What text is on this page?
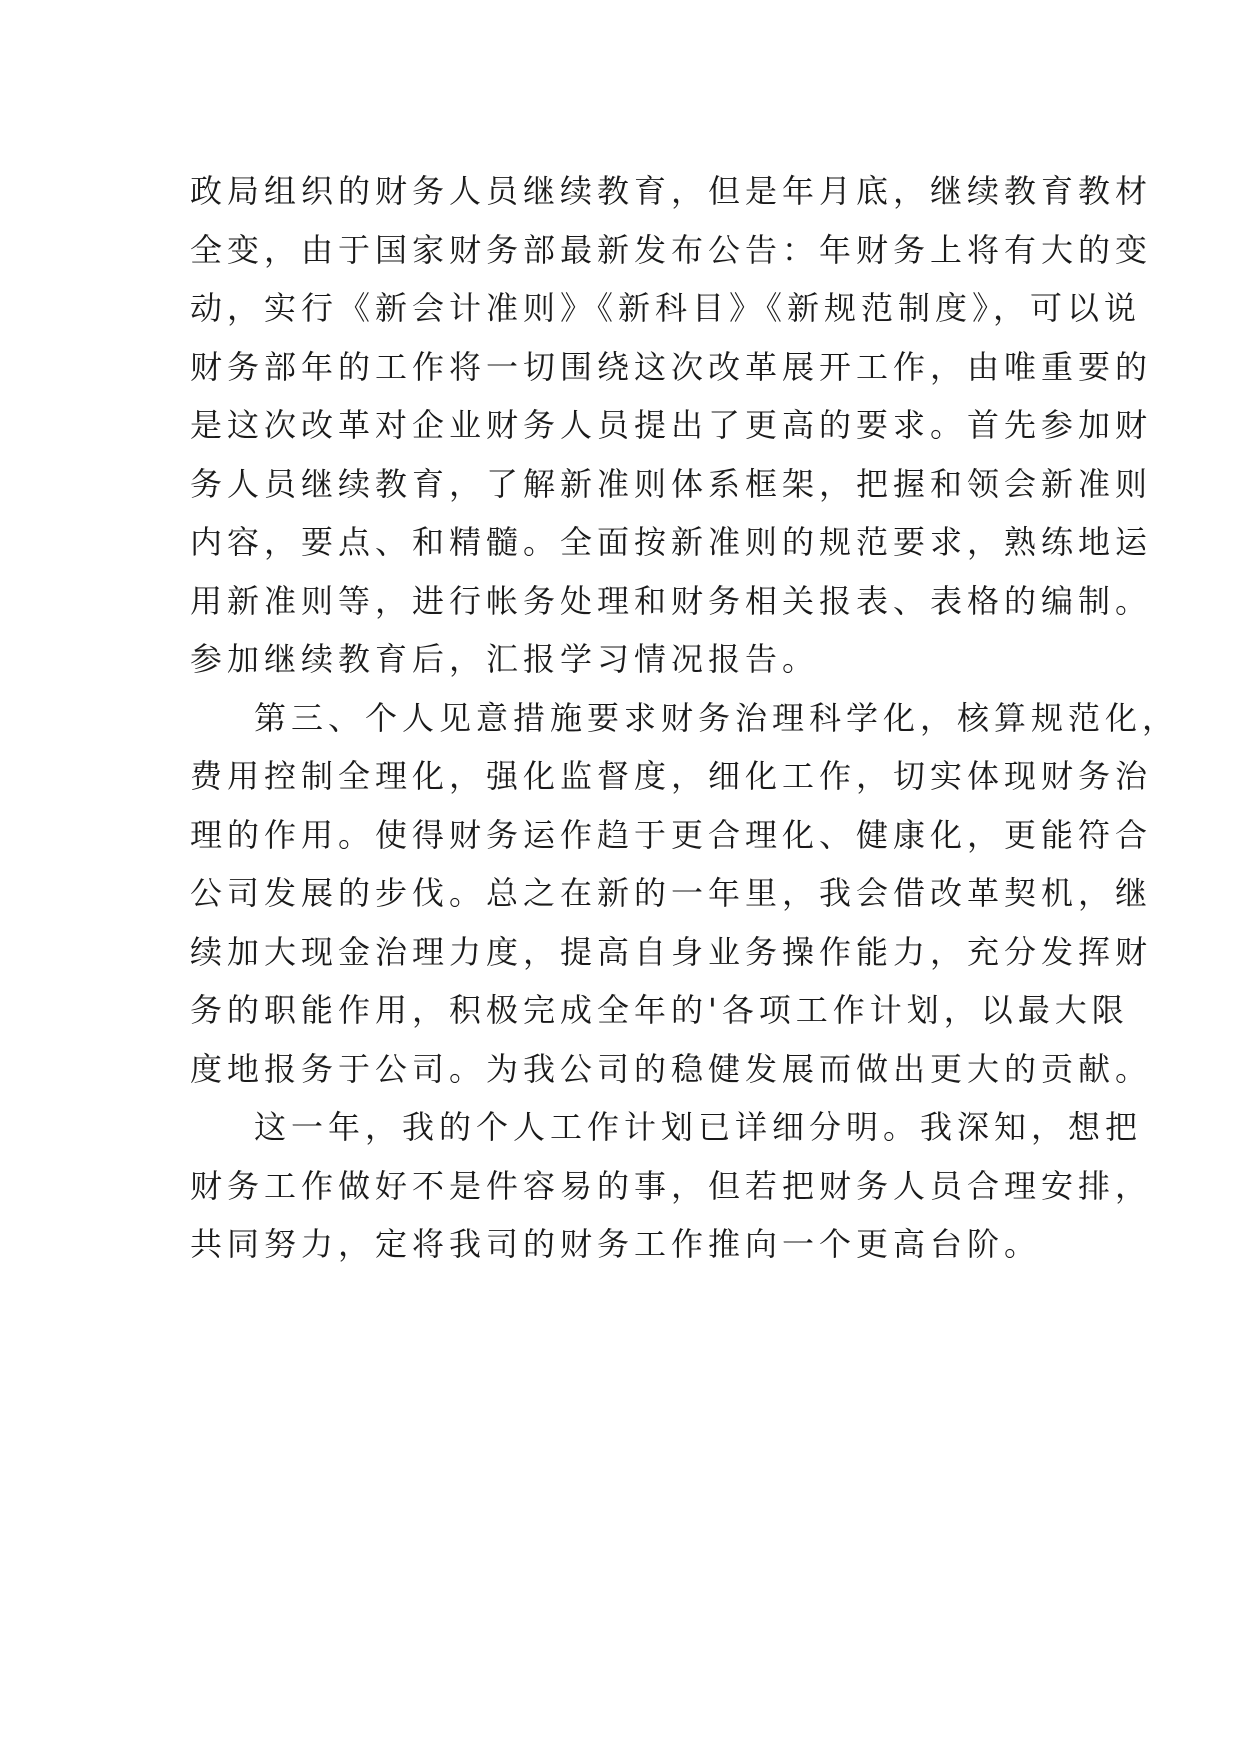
政局组织的财务人员继续教育，但是年月底，继续教育教材
全变，由于国家财务部最新发布公告：年财务上将有大的变
动，实行《新会计准则》《新科目》《新规范制度》，可以说
财务部年的工作将一切围绕这次改革展开工作，由唯重要的
是这次改革对企业财务人员提出了更高的要求。首先参加财
务人员继续教育，了解新准则体系框架，把握和领会新准则
内容，要点、和精髓。全面按新准则的规范要求，熟练地运
用新准则等，进行帐务处理和财务相关报表、表格的编制。
参加继续教育后，汇报学习情况报告。
第三、个人见意措施要求财务治理科学化，核算规范化，
费用控制全理化，强化监督度，细化工作，切实体现财务治
理的作用。使得财务运作趋于更合理化、健康化，更能符合
公司发展的步伐。总之在新的一年里，我会借改革契机，继
续加大现金治理力度，提高自身业务操作能力，充分发挥财
务的职能作用，积极完成全年的'各项工作计划，以最大限
度地报务于公司。为我公司的稳健发展而做出更大的贡献。
这一年，我的个人工作计划已详细分明。我深知，想把
财务工作做好不是件容易的事，但若把财务人员合理安排，
共同努力，定将我司的财务工作推向一个更高台阶。
